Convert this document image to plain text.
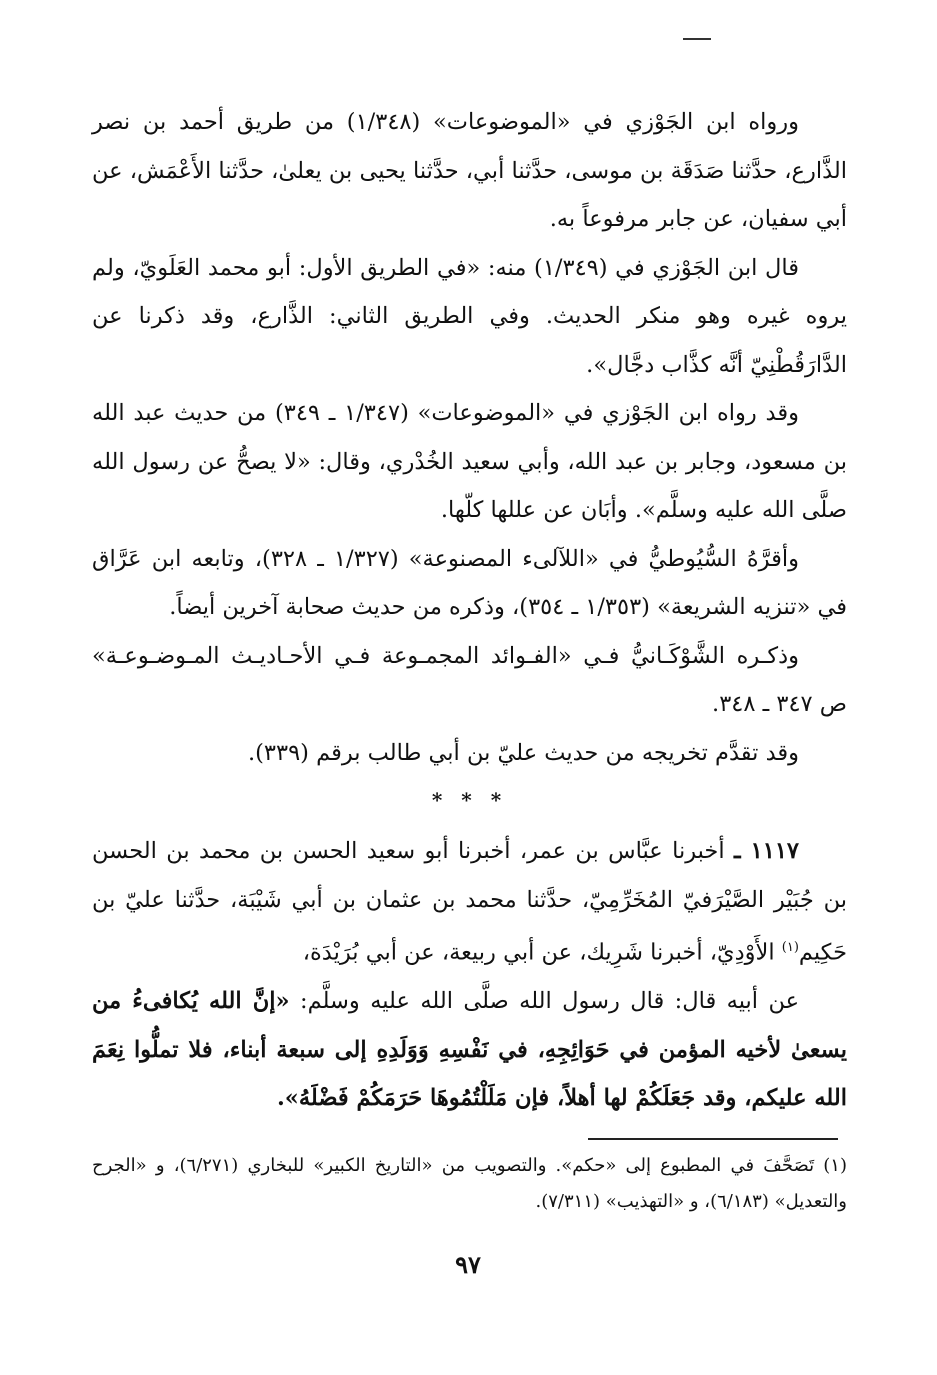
ورواه ابن الجَوْزي في «الموضوعات» (١/٣٤٨) من طريق أحمد بن نصر الذَّارع، حدَّثنا صَدَقَة بن موسى، حدَّثنا أبي، حدَّثنا يحيى بن يعلىٰ، حدَّثنا الأَعْمَش، عن أبي سفيان، عن جابر مرفوعاً به.

قال ابن الجَوْزي في (١/٣٤٩) منه: «في الطريق الأول: أبو محمد العَلَويّ، ولم يروه غيره وهو منكر الحديث. وفي الطريق الثاني: الذَّارع، وقد ذكرنا عن الدَّارَقُطْنِيّ أنَّه كذَّاب دجَّال».

وقد رواه ابن الجَوْزي في «الموضوعات» (١/٣٤٧ ـ ٣٤٩) من حديث عبد الله بن مسعود، وجابر بن عبد الله، وأبي سعيد الخُدْري، وقال: «لا يصحُّ عن رسول الله صلَّى الله عليه وسلَّم». وأبَان عن عللها كلّها.

وأقرَّهُ السُّيُوطيُّ في «اللآلىء المصنوعة» (١/٣٢٧ ـ ٣٢٨)، وتابعه ابن عَرَّاق في «تنزيه الشريعة» (١/٣٥٣ ـ ٣٥٤)، وذكره من حديث صحابة آخرين أيضاً.

وذكـره الشَّوْكَـانيُّ فـي «الفـوائد المجمـوعة فـي الأحـاديـث المـوضـوعـة» ص ٣٤٧ ـ ٣٤٨.

وقد تقدَّم تخريجه من حديث عليّ بن أبي طالب برقم (٣٣٩).

* * *

١١١٧ ـ أخبرنا عبَّاس بن عمر، أخبرنا أبو سعيد الحسن بن محمد بن الحسن بن جُبَيْر الصَّيْرَفيّ المُخَرِّمِيّ، حدَّثنا محمد بن عثمان بن أبي شَيْبَة، حدَّثنا عليّ بن حَكِيم$^{(١)}$ الأَوْدِيّ، أخبرنا شَرِيك، عن أبي ربيعة، عن أبي بُرَيْدَة،

عن أبيه قال: قال رسول الله صلَّى الله عليه وسلَّم: «إنَّ الله يُكافىءُ من يسعىٰ لأخيه المؤمن في حَوَائِجِهِ، في نَفْسِهِ وَوَلَدِهِ إلى سبعة أبناء، فلا تملُّوا نِعَمَ الله عليكم، وقد جَعَلَكُمْ لها أهلاً، فإن مَلَلْتُمُوهَا حَرَمَكُمْ فَضْلَهُ».

(١) تَصَحَّفَ في المطبوع إلى «حكم». والتصويب من «التاريخ الكبير» للبخاري (٦/٢٧١)، و «الجرح والتعديل» (٦/١٨٣)، و «التهذيب» (٧/٣١١).

٩٧
